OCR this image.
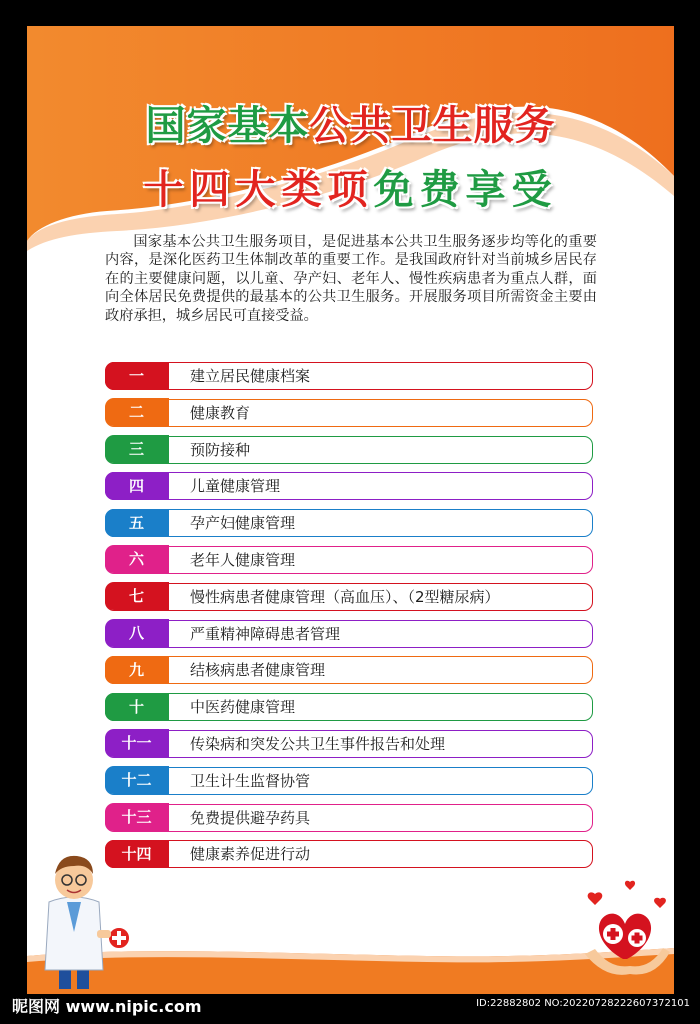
国家基本公共卫生服务
十四大类项免费享受

国家基本公共卫生服务项目，是促进基本公共卫生服务逐步均等化的重要内容，是深化医药卫生体制改革的重要工作。是我国政府针对当前城乡居民存在的主要健康问题，以儿童、孕产妇、老年人、慢性疾病患者为重点人群，面向全体居民免费提供的最基本的公共卫生服务。开展服务项目所需资金主要由政府承担，城乡居民可直接受益。

一	建立居民健康档案
二	健康教育
三	预防接种
四	儿童健康管理
五	孕产妇健康管理
六	老年人健康管理
七	慢性病患者健康管理（高血压）、（2型糖尿病）
八	严重精神障碍患者管理
九	结核病患者健康管理
十	中医药健康管理
十一	传染病和突发公共卫生事件报告和处理
十二	卫生计生监督协管
十三	免费提供避孕药具
十四	健康素养促进行动
昵图网 www.nipic.com	ID:22882802 NO:20220728222607372101
